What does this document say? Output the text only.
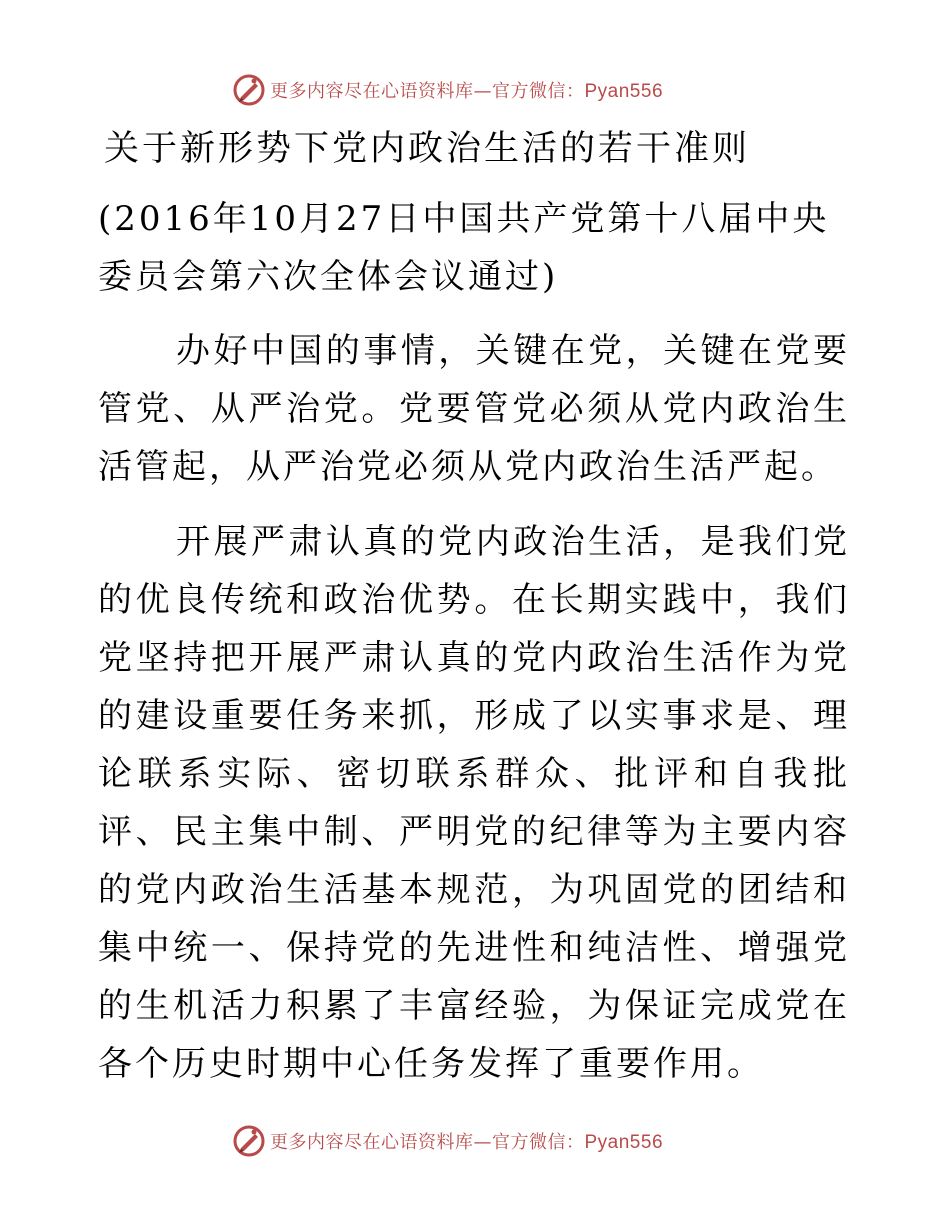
更多内容尽在心语资料库—官方微信：Pyan556
关于新形势下党内政治生活的若干准则

(2016年10月27日中国共产党第十八届中央委员会第六次全体会议通过)

办好中国的事情，关键在党，关键在党要管党、从严治党。党要管党必须从党内政治生活管起，从严治党必须从党内政治生活严起。

开展严肃认真的党内政治生活，是我们党的优良传统和政治优势。在长期实践中，我们党坚持把开展严肃认真的党内政治生活作为党的建设重要任务来抓，形成了以实事求是、理论联系实际、密切联系群众、批评和自我批评、民主集中制、严明党的纪律等为主要内容的党内政治生活基本规范，为巩固党的团结和集中统一、保持党的先进性和纯洁性、增强党的生机活力积累了丰富经验，为保证完成党在各个历史时期中心任务发挥了重要作用。

更多内容尽在心语资料库—官方微信：Pyan556
